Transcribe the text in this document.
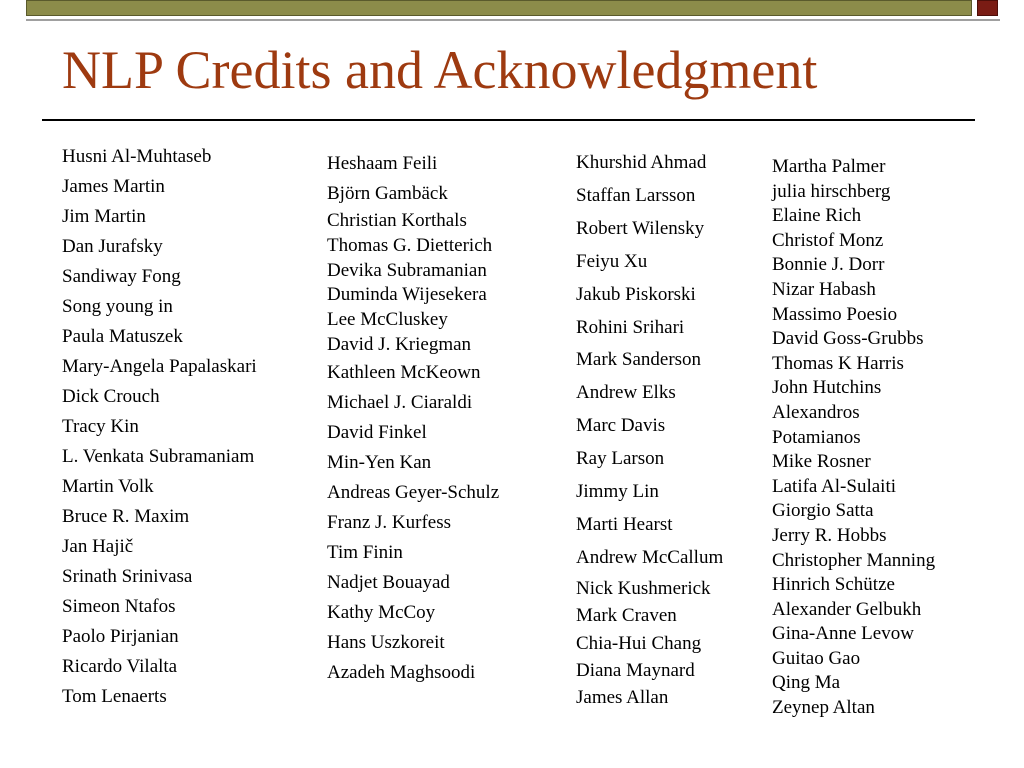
NLP Credits and Acknowledgment
Husni Al-Muhtaseb
James Martin
Jim Martin
Dan Jurafsky
Sandiway Fong
Song young in
Paula Matuszek
Mary-Angela Papalaskari
Dick Crouch
Tracy Kin
L. Venkata Subramaniam
Martin Volk
Bruce R. Maxim
Jan Hajič
Srinath Srinivasa
Simeon Ntafos
Paolo Pirjanian
Ricardo Vilalta
Tom Lenaerts
Heshaam Feili
Björn Gambäck
Christian Korthals
Thomas G. Dietterich
Devika Subramanian
Duminda Wijesekera
Lee McCluskey
David J. Kriegman
Kathleen McKeown
Michael J. Ciaraldi
David Finkel
Min-Yen Kan
Andreas Geyer-Schulz
Franz J. Kurfess
Tim Finin
Nadjet Bouayad
Kathy McCoy
Hans Uszkoreit
Azadeh Maghsoodi
Khurshid Ahmad
Staffan Larsson
Robert Wilensky
Feiyu Xu
Jakub Piskorski
Rohini Srihari
Mark Sanderson
Andrew Elks
Marc Davis
Ray Larson
Jimmy Lin
Marti Hearst
Andrew McCallum
Nick Kushmerick
Mark Craven
Chia-Hui Chang
Diana Maynard
James Allan
Martha Palmer
julia hirschberg
Elaine Rich
Christof Monz
Bonnie J. Dorr
Nizar Habash
Massimo Poesio
David Goss-Grubbs
Thomas K Harris
John Hutchins
Alexandros
Potamianos
Mike Rosner
Latifa Al-Sulaiti
Giorgio Satta
Jerry R. Hobbs
Christopher Manning
Hinrich Schütze
Alexander Gelbukh
Gina-Anne Levow
Guitao Gao
Qing Ma
Zeynep Altan
